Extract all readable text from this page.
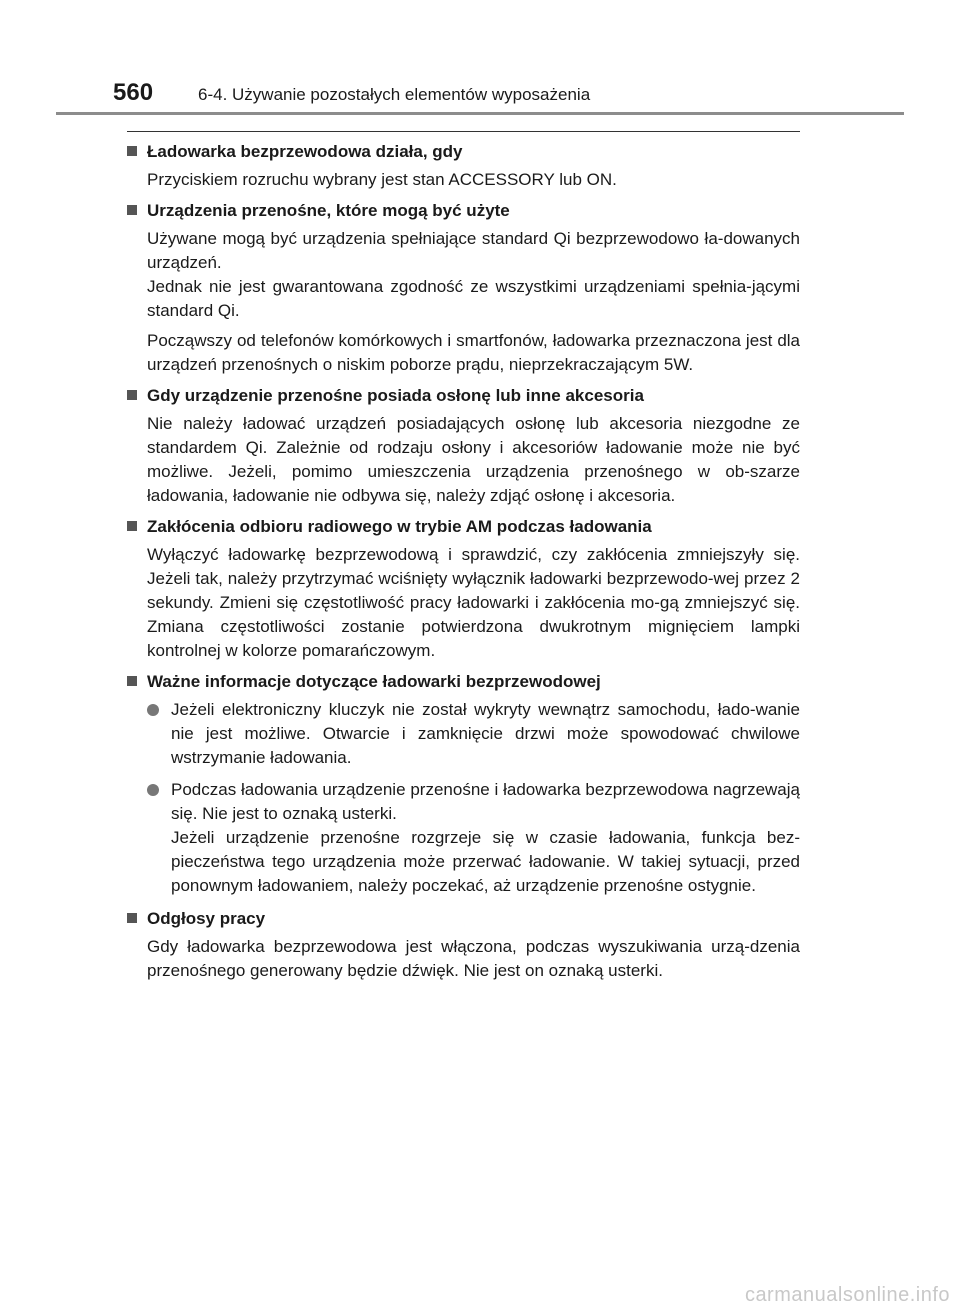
560	6-4. Używanie pozostałych elementów wyposażenia
Ładowarka bezprzewodowa działa, gdy

Przyciskiem rozruchu wybrany jest stan ACCESSORY lub ON.

Urządzenia przenośne, które mogą być użyte

Używane mogą być urządzenia spełniające standard Qi bezprzewodowo ła-dowanych urządzeń.

Jednak nie jest gwarantowana zgodność ze wszystkimi urządzeniami spełnia-jącymi standard Qi.

Począwszy od telefonów komórkowych i smartfonów, ładowarka przeznaczona jest dla urządzeń przenośnych o niskim poborze prądu, nieprzekraczającym 5W.

Gdy urządzenie przenośne posiada osłonę lub inne akcesoria

Nie należy ładować urządzeń posiadających osłonę lub akcesoria niezgodne ze standardem Qi. Zależnie od rodzaju osłony i akcesoriów ładowanie może nie być możliwe. Jeżeli, pomimo umieszczenia urządzenia przenośnego w ob-szarze ładowania, ładowanie nie odbywa się, należy zdjąć osłonę i akcesoria.

Zakłócenia odbioru radiowego w trybie AM podczas ładowania

Wyłączyć ładowarkę bezprzewodową i sprawdzić, czy zakłócenia zmniejszyły się. Jeżeli tak, należy przytrzymać wciśnięty wyłącznik ładowarki bezprzewodo-wej przez 2 sekundy. Zmieni się częstotliwość pracy ładowarki i zakłócenia mo-gą zmniejszyć się. Zmiana częstotliwości zostanie potwierdzona dwukrotnym mignięciem lampki kontrolnej w kolorze pomarańczowym.

Ważne informacje dotyczące ładowarki bezprzewodowej
Jeżeli elektroniczny kluczyk nie został wykryty wewnątrz samochodu, łado-wanie nie jest możliwe. Otwarcie i zamknięcie drzwi może spowodować chwilowe wstrzymanie ładowania.
Podczas ładowania urządzenie przenośne i ładowarka bezprzewodowa nagrzewają się. Nie jest to oznaką usterki.
Jeżeli urządzenie przenośne rozgrzeje się w czasie ładowania, funkcja bez-pieczeństwa tego urządzenia może przerwać ładowanie. W takiej sytuacji, przed ponownym ładowaniem, należy poczekać, aż urządzenie przenośne ostygnie.
Odgłosy pracy

Gdy ładowarka bezprzewodowa jest włączona, podczas wyszukiwania urzą-dzenia przenośnego generowany będzie dźwięk. Nie jest on oznaką usterki.

carmanualsonline.info
